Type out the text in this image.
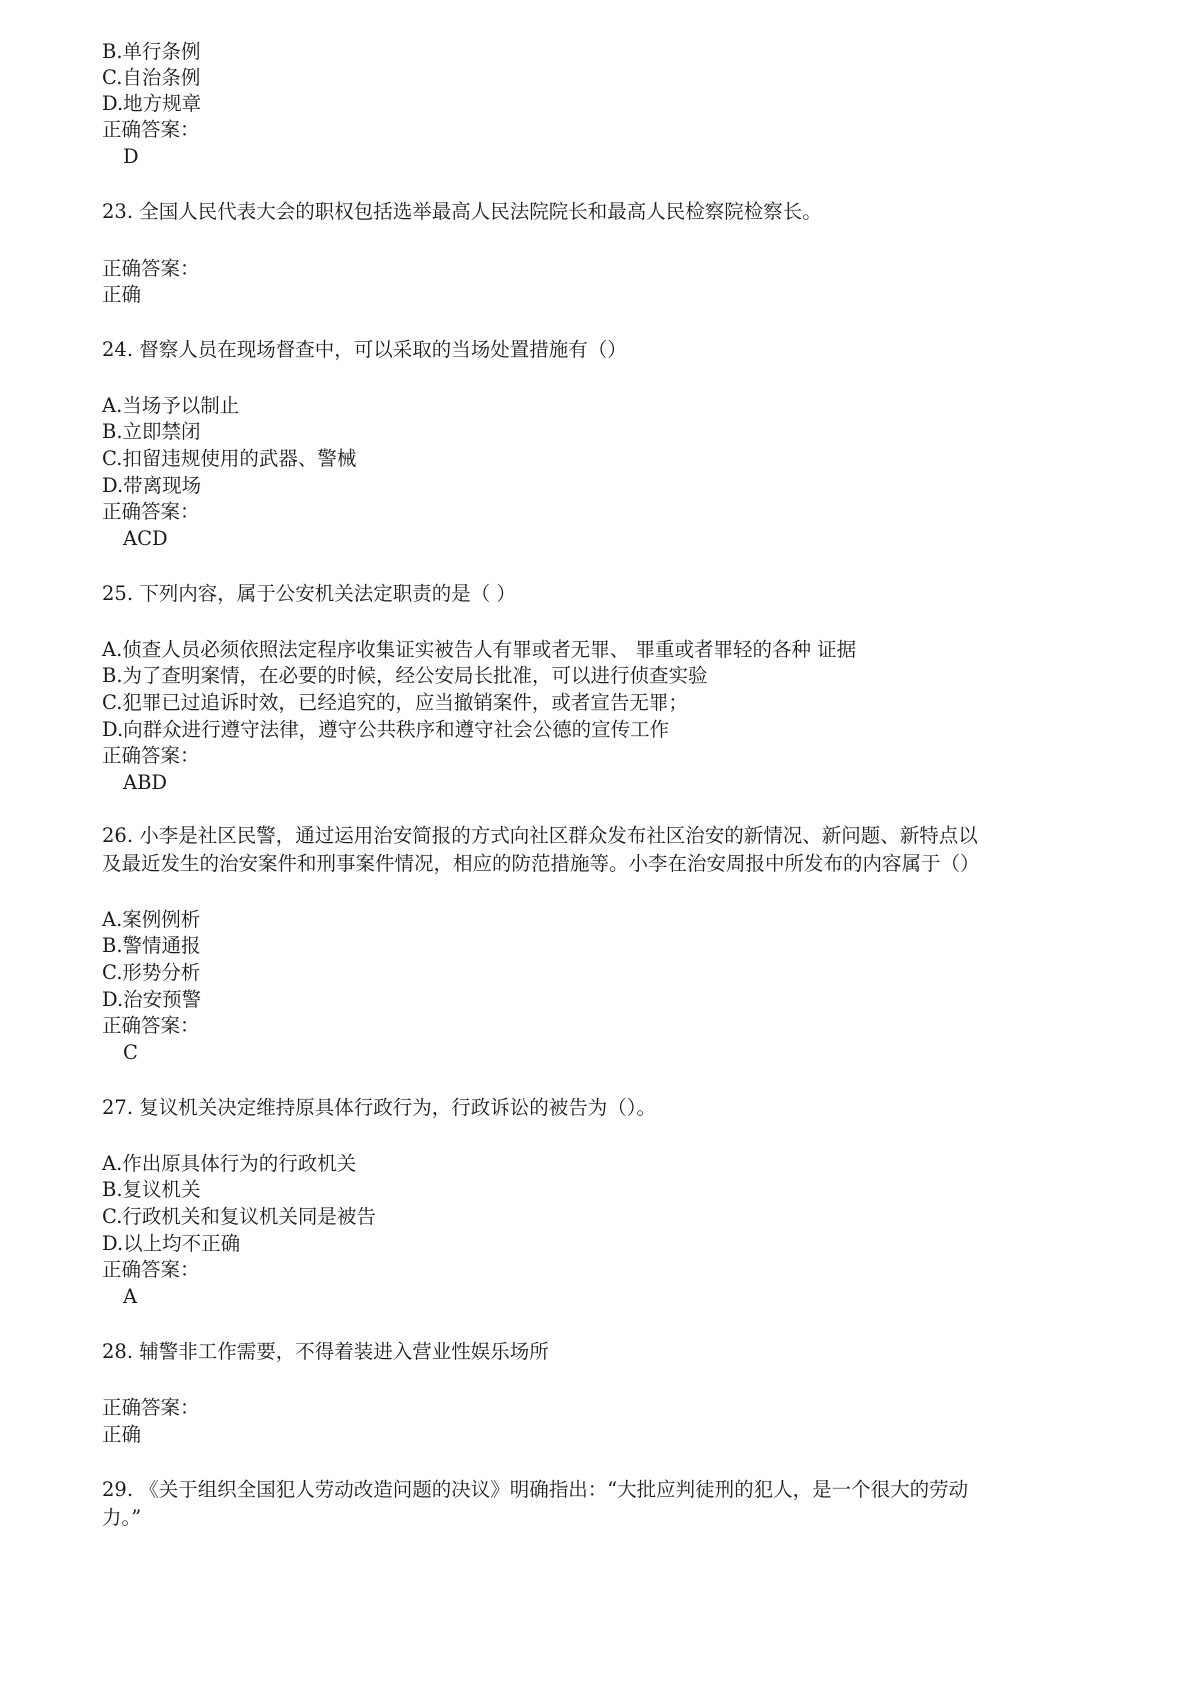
B.单行条例
C.自治条例
D.地方规章
正确答案：
D
23. 全国人民代表大会的职权包括选举最高人民法院院长和最高人民检察院检察长。
正确答案：
正确
24. 督察人员在现场督查中，可以采取的当场处置措施有（）
A.当场予以制止
B.立即禁闭
C.扣留违规使用的武器、警械
D.带离现场
正确答案：
ACD
25. 下列内容，属于公安机关法定职责的是（ ）
A.侦查人员必须依照法定程序收集证实被告人有罪或者无罪、 罪重或者罪轻的各种 证据
B.为了查明案情，在必要的时候，经公安局长批准，可以进行侦查实验
C.犯罪已过追诉时效，已经追究的，应当撤销案件，或者宣告无罪；
D.向群众进行遵守法律，遵守公共秩序和遵守社会公德的宣传工作
正确答案：
ABD
26. 小李是社区民警，通过运用治安简报的方式向社区群众发布社区治安的新情况、新问题、新特点以
及最近发生的治安案件和刑事案件情况，相应的防范措施等。小李在治安周报中所发布的内容属于（）
A.案例例析
B.警情通报
C.形势分析
D.治安预警
正确答案：
C
27. 复议机关决定维持原具体行政行为，行政诉讼的被告为（）。
A.作出原具体行为的行政机关
B.复议机关
C.行政机关和复议机关同是被告
D.以上均不正确
正确答案：
A
28. 辅警非工作需要，不得着装进入营业性娱乐场所
正确答案：
正确
29. 《关于组织全国犯人劳动改造问题的决议》明确指出：“大批应判徒刑的犯人，是一个很大的劳动
力。”
